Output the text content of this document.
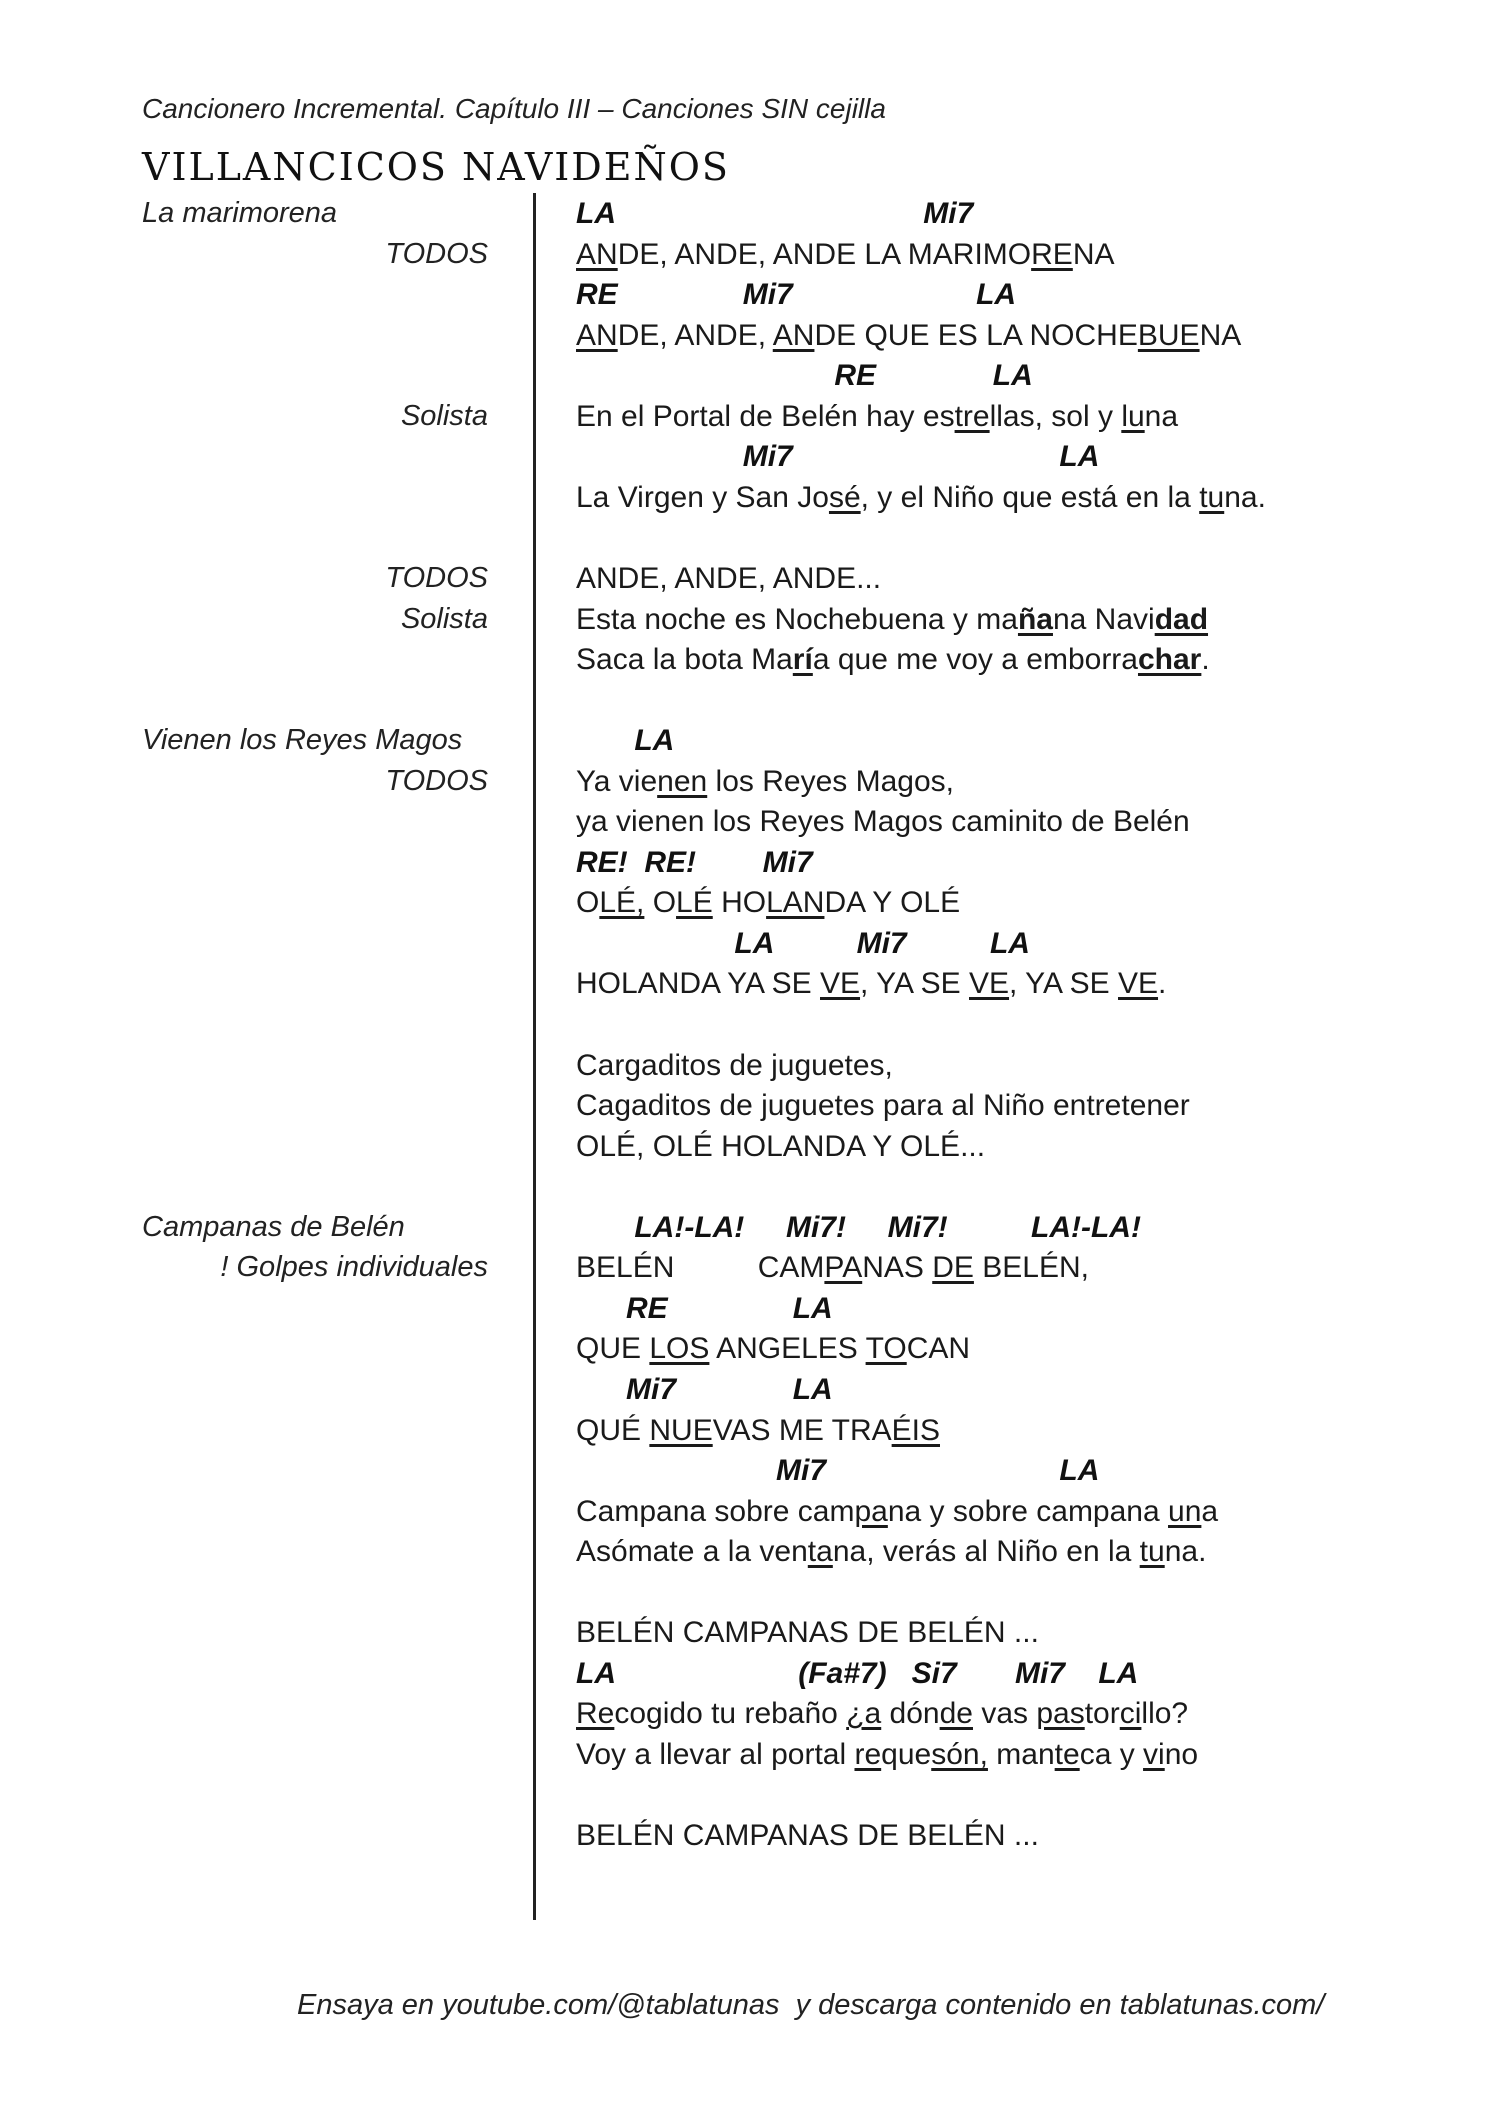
Cancionero Incremental. Capítulo III – Canciones SIN cejilla
VILLANCICOS NAVIDEÑOS
LA                                     Mi7
ANDE, ANDE, ANDE LA MARIMORENA
RE               Mi7                      LA
ANDE, ANDE, ANDE QUE ES LA NOCHEBUENA
RE              LA
En el Portal de Belén hay estrellas, sol y luna
Mi7                                LA
La Virgen y San José, y el Niño que está en la tuna.
ANDE, ANDE, ANDE...
Esta noche es Nochebuena y mañana Navidad
Saca la bota María que me voy a emborrachar.
LA
Ya vienen los Reyes Magos,
ya vienen los Reyes Magos caminito de Belén
RE!  RE!        Mi7
OLÉ, OLÉ HOLANDA Y OLÉ
LA          Mi7          LA
HOLANDA YA SE VE, YA SE VE, YA SE VE.
Cargaditos de juguetes,
Cagaditos de juguetes para al Niño entretener
OLÉ, OLÉ HOLANDA Y OLÉ...
LA!-LA!     Mi7!     Mi7!          LA!-LA!
BELÉN          CAMPANAS DE BELÉN,
RE               LA
QUE LOS ANGELES TOCAN
Mi7              LA
QUÉ NUEVAS ME TRAÉIS
Mi7                            LA
Campana sobre campana y sobre campana una
Asómate a la ventana, verás al Niño en la tuna.
BELÉN CAMPANAS DE BELÉN ...
LA                      (Fa#7)   Si7       Mi7    LA
Recogido tu rebaño ¿a dónde vas pastorcillo?
Voy a llevar al portal requesón, manteca y vino
BELÉN CAMPANAS DE BELÉN ...
La marimorena
TODOS
Solista
TODOS
Solista
Vienen los Reyes Magos
TODOS
Campanas de Belén
! Golpes individuales
Ensaya en youtube.com/@tablatunas  y descarga contenido en tablatunas.com/
